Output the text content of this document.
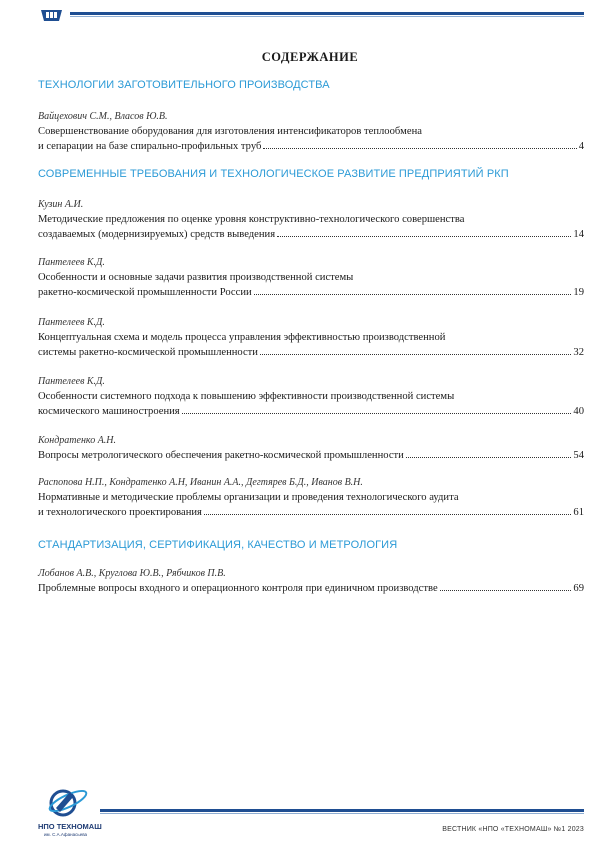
СОДЕРЖАНИЕ
ТЕХНОЛОГИИ ЗАГОТОВИТЕЛЬНОГО ПРОИЗВОДСТВА
Вайцехович С.М., Власов Ю.В.
Совершенствование оборудования для изготовления интенсификаторов теплообмена
и сепарации на базе спирально-профильных труб	4
СОВРЕМЕННЫЕ ТРЕБОВАНИЯ И ТЕХНОЛОГИЧЕСКОЕ РАЗВИТИЕ ПРЕДПРИЯТИЙ РКП
Кузин А.И.
Методические предложения по оценке уровня конструктивно-технологического совершенства
создаваемых (модернизируемых) средств выведения	14
Пантелеев К.Д.
Особенности и основные задачи развития производственной системы
ракетно-космической промышленности России	19
Пантелеев К.Д.
Концептуальная схема и модель процесса управления эффективностью производственной
системы ракетно-космической промышленности	32
Пантелеев К.Д.
Особенности системного подхода к повышению эффективности производственной системы
космического машиностроения	40
Кондратенко А.Н.
Вопросы метрологического обеспечения ракетно-космической промышленности	54
Распопова Н.П., Кондратенко А.Н, Иванин А.А., Дегтярев Б.Д., Иванов В.Н.
Нормативные и методические проблемы организации и проведения технологического аудита
и технологического проектирования	61
СТАНДАРТИЗАЦИЯ, СЕРТИФИКАЦИЯ, КАЧЕСТВО И МЕТРОЛОГИЯ
Лобанов А.В., Круглова Ю.В., Рябчиков П.В.
Проблемные вопросы входного и операционного контроля при единичном производстве	69
НПО ТЕХНОМАШ
им. С.А.Афанасьева
ВЕСТНИК «НПО «ТЕХНОМАШ» №1 2023
